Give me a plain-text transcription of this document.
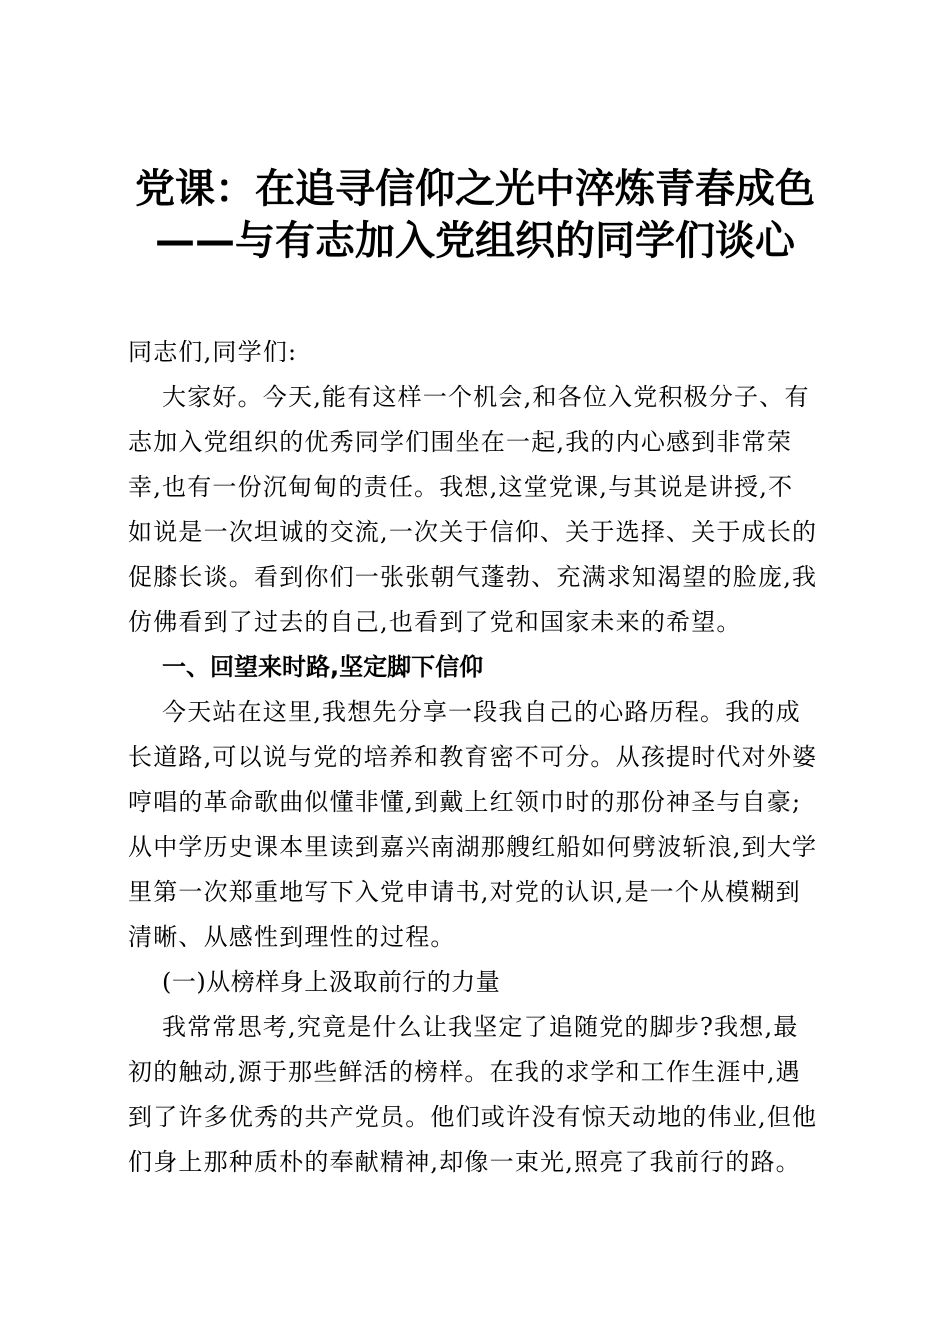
党课：在追寻信仰之光中淬炼青春成色
——与有志加入党组织的同学们谈心
同志们,同学们:
大家好。今天,能有这样一个机会,和各位入党积极分子、有
志加入党组织的优秀同学们围坐在一起,我的内心感到非常荣
幸,也有一份沉甸甸的责任。我想,这堂党课,与其说是讲授,不
如说是一次坦诚的交流,一次关于信仰、关于选择、关于成长的
促膝长谈。看到你们一张张朝气蓬勃、充满求知渴望的脸庞,我
仿佛看到了过去的自己,也看到了党和国家未来的希望。
一、回望来时路,坚定脚下信仰
今天站在这里,我想先分享一段我自己的心路历程。我的成
长道路,可以说与党的培养和教育密不可分。从孩提时代对外婆
哼唱的革命歌曲似懂非懂,到戴上红领巾时的那份神圣与自豪;
从中学历史课本里读到嘉兴南湖那艘红船如何劈波斩浪,到大学
里第一次郑重地写下入党申请书,对党的认识,是一个从模糊到
清晰、从感性到理性的过程。
(一)从榜样身上汲取前行的力量
我常常思考,究竟是什么让我坚定了追随党的脚步?我想,最
初的触动,源于那些鲜活的榜样。在我的求学和工作生涯中,遇
到了许多优秀的共产党员。他们或许没有惊天动地的伟业,但他
们身上那种质朴的奉献精神,却像一束光,照亮了我前行的路。
